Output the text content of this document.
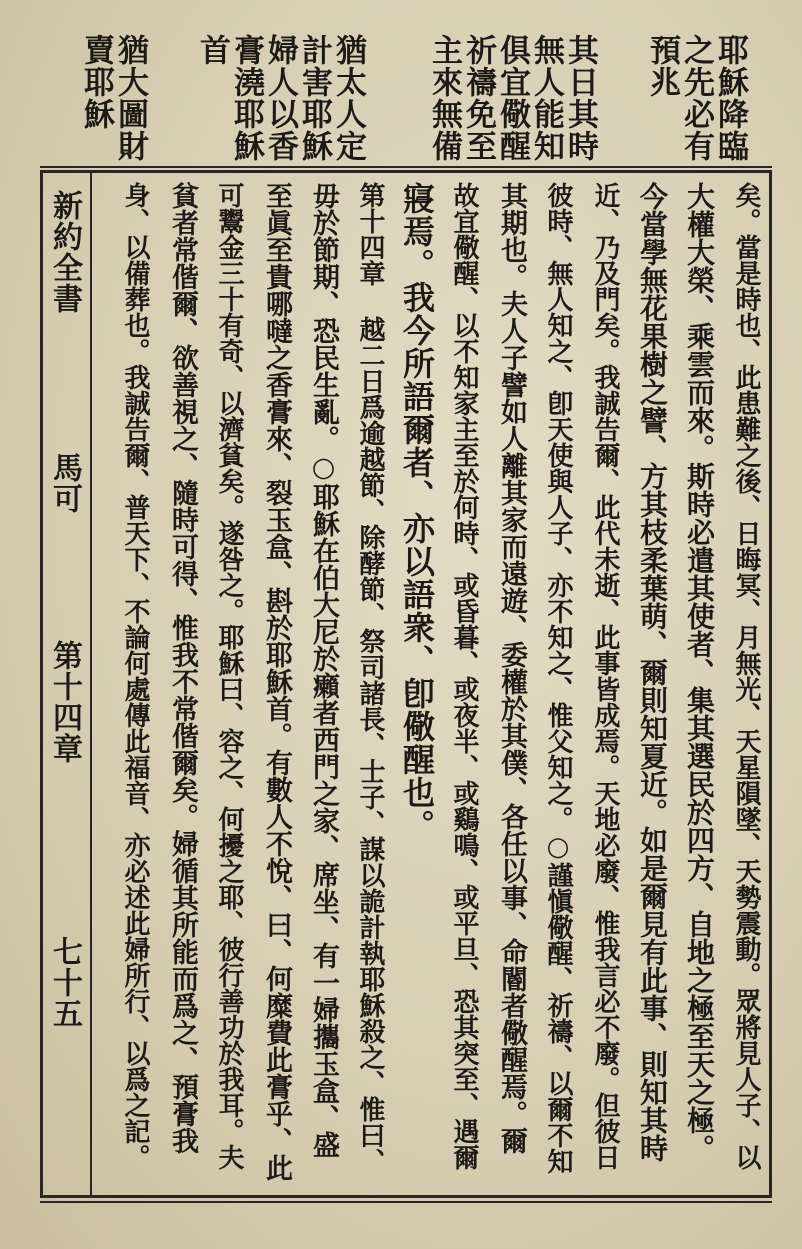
耶穌降臨
之先必有
預兆
其日其時
無人能知
俱宜儆醒
祈禱免至
主來無備
猶太人定
計害耶穌
婦人以香
膏澆耶穌
首
猶大圖財
賣耶穌
矣。當是時也、此患難之後、日晦冥、月無光、天星隕墜、天勢震動。眾將見人子、以
大權大榮、乘雲而來。斯時必遣其使者、集其選民於四方、自地之極至天之極。
今當學無花果樹之譬、方其枝柔葉萌、爾則知夏近。如是爾見有此事、則知其時
近、乃及門矣。我誠告爾、此代未逝、此事皆成焉。天地必廢、惟我言必不廢。但彼日
彼時、無人知之、卽天使與人子、亦不知之、惟父知之。○謹愼儆醒、祈禱、以爾不知
其期也。夫人子譬如人離其家而遠遊、委權於其僕、各任以事、命閽者儆醒焉。爾
故宜儆醒、以不知家主至於何時、或昏暮、或夜半、或鷄鳴、或平旦、恐其突至、遇爾
寢焉。我今所語爾者、亦以語衆、卽儆醒也。
第十四章 越二日爲逾越節、除酵節、祭司諸長、士子、謀以詭計執耶穌殺之、惟曰、
毋於節期、恐民生亂。○耶穌在伯大尼於癩者西門之家、席坐、有一婦攜玉盒、盛
至眞至貴哪噠之香膏來、裂玉盒、斟於耶穌首。有數人不悅、曰、何糜費此膏乎、此
可鬻金三十有奇、以濟貧矣。遂咎之。耶穌曰、容之、何擾之耶、彼行善功於我耳。夫
貧者常偕爾、欲善視之、隨時可得、惟我不常偕爾矣。婦循其所能而爲之、預膏我
身、以備葬也。我誠告爾、普天下、不論何處傳此福音、亦必述此婦所行、以爲之記。
新約全書
馬可
第十四章
七十五
